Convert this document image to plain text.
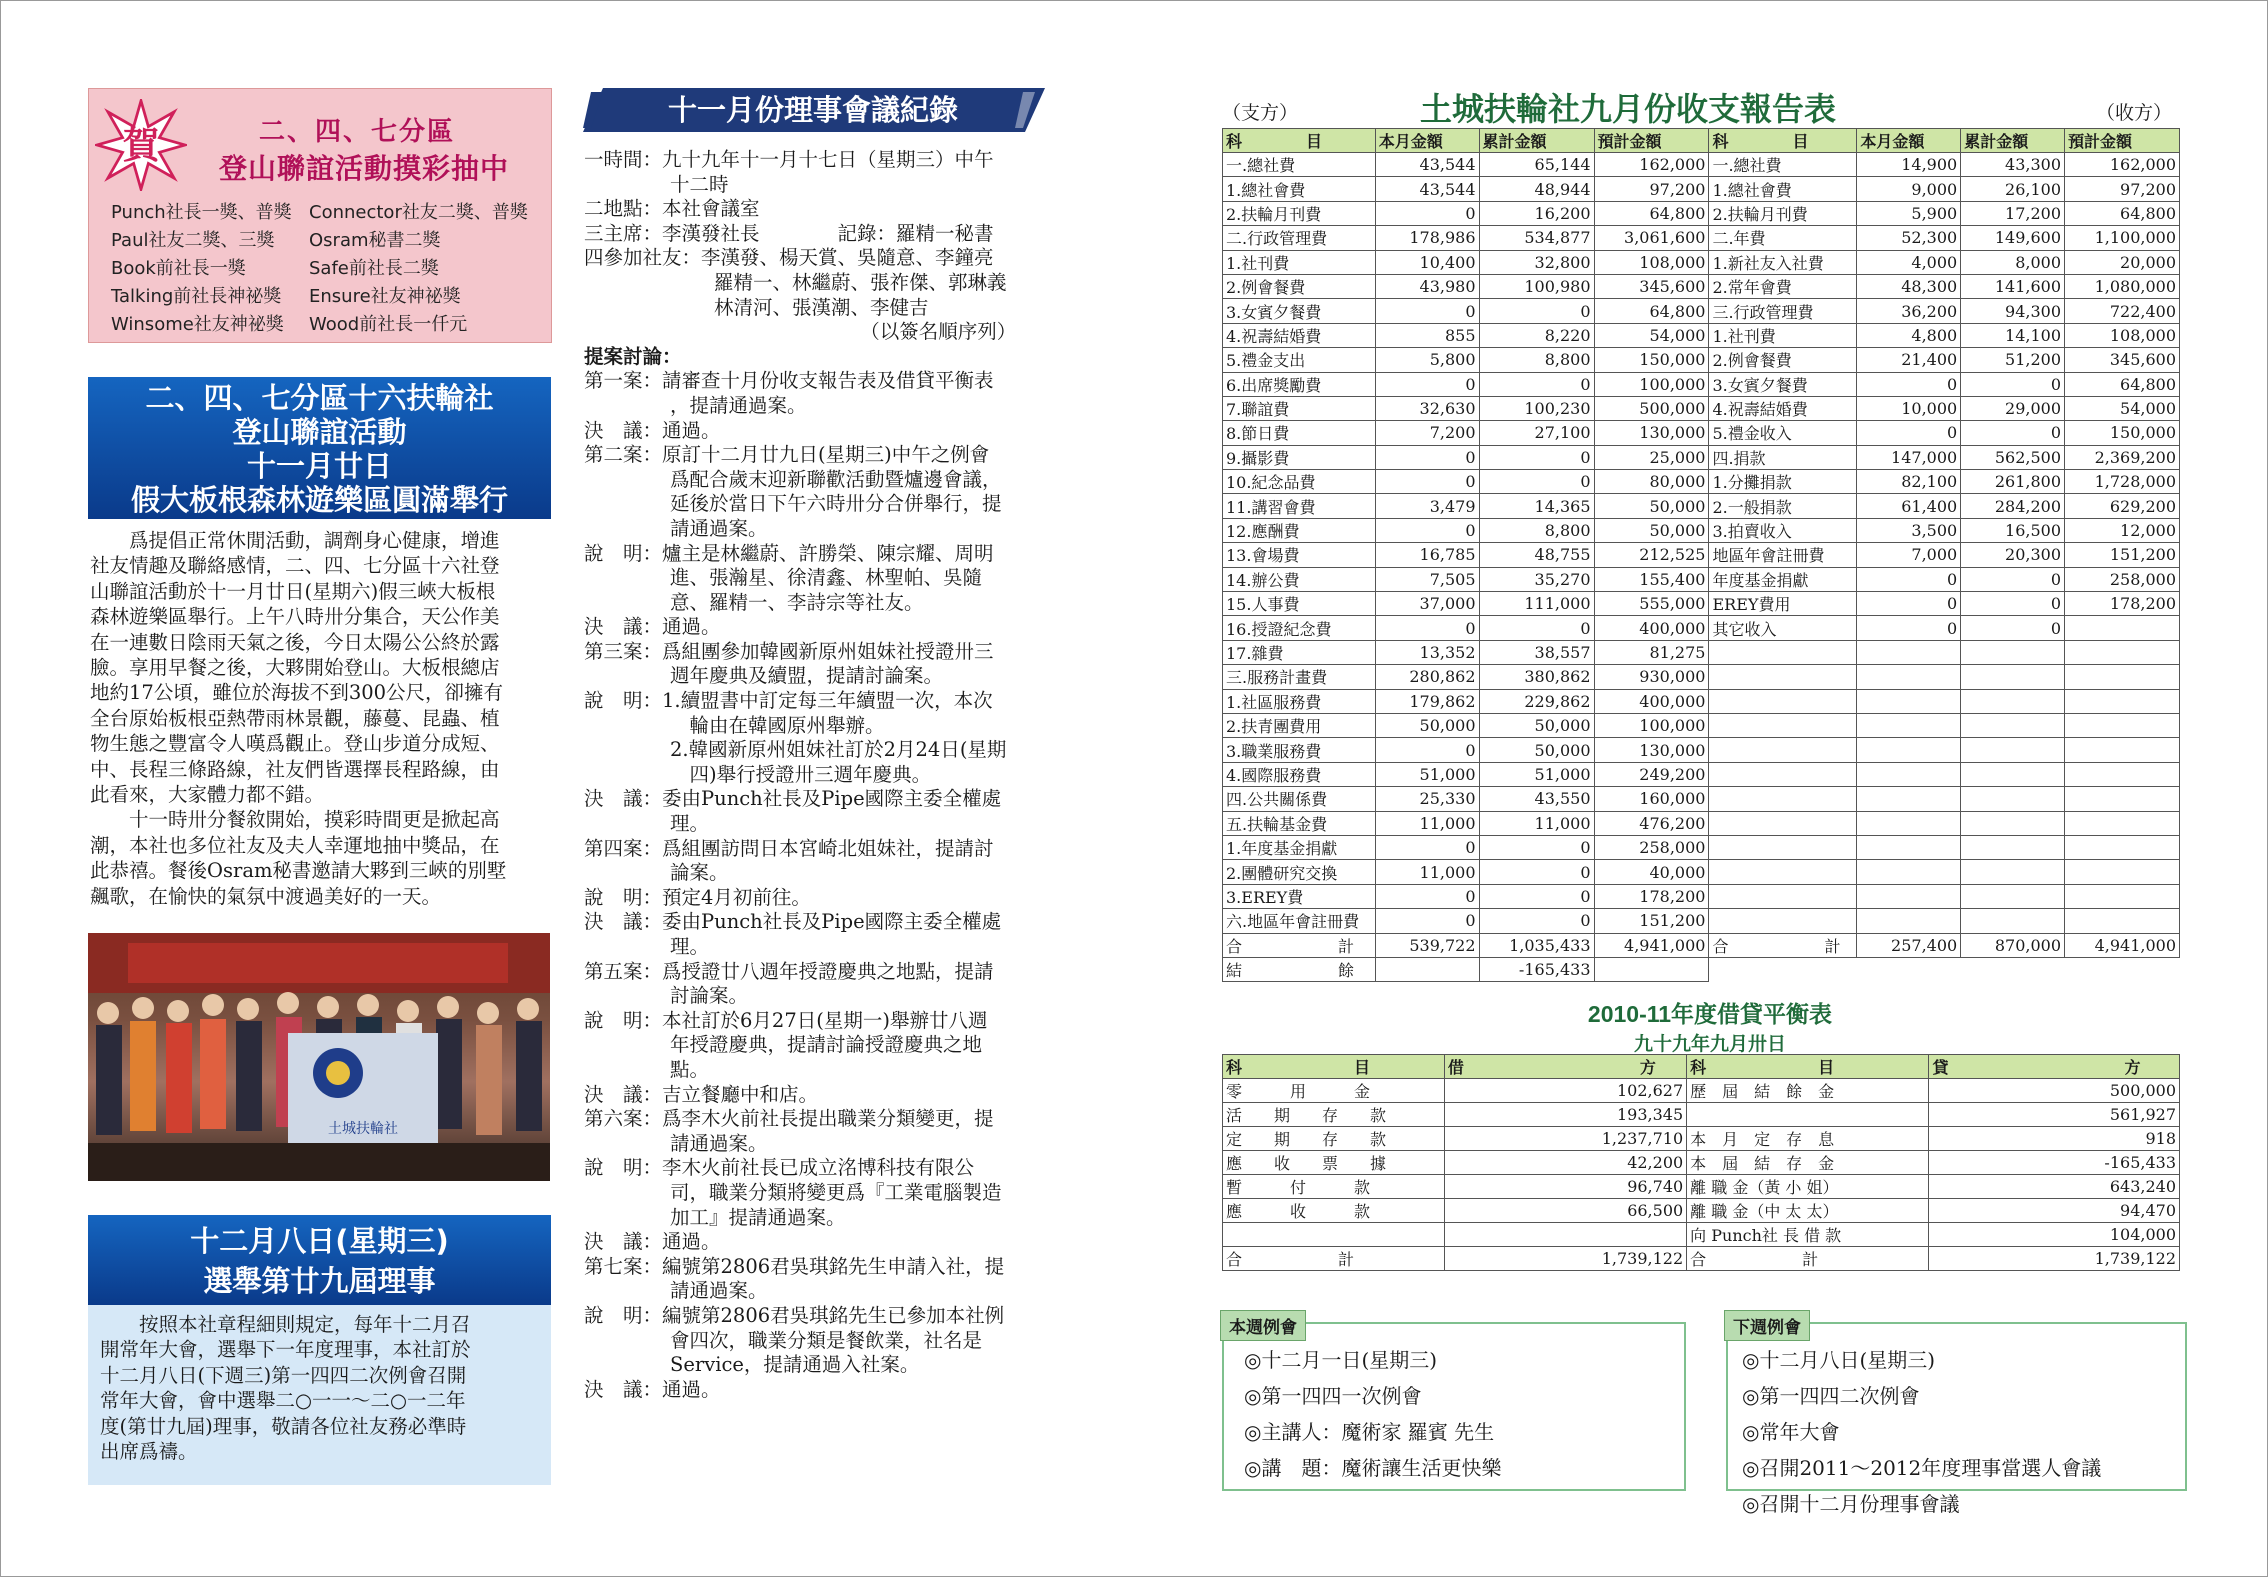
賀	二、四、七分區
登山聯誼活動摸彩抽中
Punch社長一獎、普獎
Paul社友二獎、三獎
Book前社長一獎
Talking前社長神祕獎
Winsome社友神祕獎
Connector社友二獎、普獎
Osram秘書二獎
Safe前社長二獎
Ensure社友神祕獎
Wood前社長一仟元
二、四、七分區十六扶輪社
登山聯誼活動
十一月廿日
假大板根森林遊樂區圓滿舉行
爲提倡正常休閒活動，調劑身心健康，增進
社友情趣及聯絡感情，二、四、七分區十六社登
山聯誼活動於十一月廿日(星期六)假三峽大板根
森林遊樂區舉行。上午八時卅分集合，天公作美
在一連數日陰雨天氣之後，今日太陽公公終於露
臉。享用早餐之後，大夥開始登山。大板根總店
地約17公頃，雖位於海拔不到300公尺，卻擁有
全台原始板根亞熱帶雨林景觀，藤蔓、昆蟲、植
物生態之豐富令人嘆爲觀止。登山步道分成短、
中、長程三條路線，社友們皆選擇長程路線，由
此看來，大家體力都不錯。
十一時卅分餐敘開始，摸彩時間更是掀起高
潮，本社也多位社友及夫人幸運地抽中獎品，在
此恭禧。餐後Osram秘書邀請大夥到三峽的別墅
飆歌，在愉快的氣氛中渡過美好的一天。
土城扶輪社
十二月八日(星期三)
選舉第廿九屆理事
按照本社章程細則規定，每年十二月召
開常年大會，選舉下一年度理事，本社訂於
十二月八日(下週三)第一四四二次例會召開
常年大會，會中選舉二○一一～二○一二年
度(第廿九屆)理事，敬請各位社友務必準時
出席爲禱。
十一月份理事會議紀錄
一時間： 九十九年十一月十七日（星期三）中午
十二時
二地點： 本社會議室
三主席： 李漢發社長　　　　記錄：羅精一秘書
四參加社友： 李漢發、楊天賞、吳隨意、李鐘亮
羅精一、林繼蔚、張祚傑、郭琳義
林清河、張漢潮、李健吉
　　　　　　　　（以簽名順序列）
提案討論：
第一案： 請審查十月份收支報告表及借貸平衡表
，提請通過案。
決　議： 通過。
第二案： 原訂十二月廿九日(星期三)中午之例會
爲配合歲末迎新聯歡活動暨爐邊會議，
延後於當日下午六時卅分合併舉行，提
請通過案。
說　明： 爐主是林繼蔚、許勝榮、陳宗耀、周明
進、張瀚星、徐清鑫、林聖帕、吳隨
意、羅精一、李詩宗等社友。
決　議： 通過。
第三案： 爲組團參加韓國新原州姐妹社授證卅三
週年慶典及續盟，提請討論案。
說　明： 1.續盟書中訂定每三年續盟一次，本次
　輪由在韓國原州舉辦。
2.韓國新原州姐妹社訂於2月24日(星期
　四)舉行授證卅三週年慶典。
決　議： 委由Punch社長及Pipe國際主委全權處
理。
第四案： 爲組團訪問日本宮崎北姐妹社，提請討
論案。
說　明： 預定4月初前往。
決　議： 委由Punch社長及Pipe國際主委全權處
理。
第五案： 爲授證廿八週年授證慶典之地點，提請
討論案。
說　明： 本社訂於6月27日(星期一)舉辦廿八週
年授證慶典，提請討論授證慶典之地
點。
決　議： 吉立餐廳中和店。
第六案： 爲李木火前社長提出職業分類變更，提
請通過案。
說　明： 李木火前社長已成立洺博科技有限公
司，職業分類將變更爲『工業電腦製造
加工』提請通過案。
決　議： 通過。
第七案： 編號第2806君吳琪銘先生申請入社，提
請通過案。
說　明： 編號第2806君吳琪銘先生已參加本社例
會四次，職業分類是餐飲業，社名是
Service，提請通過入社案。
決　議： 通過。
（支方）	土城扶輪社九月份收支報告表	（收方）
科　　　　目	本月金額	累計金額	預計金額	科　　　　目	本月金額	累計金額	預計金額
一.總社費	43,544	65,144	162,000	一.總社費	14,900	43,300	162,000
1.總社會費	43,544	48,944	97,200	1.總社會費	9,000	26,100	97,200
2.扶輪月刊費	0	16,200	64,800	2.扶輪月刊費	5,900	17,200	64,800
二.行政管理費	178,986	534,877	3,061,600	二.年費	52,300	149,600	1,100,000
1.社刊費	10,400	32,800	108,000	1.新社友入社費	4,000	8,000	20,000
2.例會餐費	43,980	100,980	345,600	2.常年會費	48,300	141,600	1,080,000
3.女賓夕餐費	0	0	64,800	三.行政管理費	36,200	94,300	722,400
4.祝壽結婚費	855	8,220	54,000	1.社刊費	4,800	14,100	108,000
5.禮金支出	5,800	8,800	150,000	2.例會餐費	21,400	51,200	345,600
6.出席獎勵費	0	0	100,000	3.女賓夕餐費	0	0	64,800
7.聯誼費	32,630	100,230	500,000	4.祝壽結婚費	10,000	29,000	54,000
8.節日費	7,200	27,100	130,000	5.禮金收入	0	0	150,000
9.攝影費	0	0	25,000	四.捐款	147,000	562,500	2,369,200
10.紀念品費	0	0	80,000	1.分攤捐款	82,100	261,800	1,728,000
11.講習會費	3,479	14,365	50,000	2.一般捐款	61,400	284,200	629,200
12.應酬費	0	8,800	50,000	3.拍賣收入	3,500	16,500	12,000
13.會場費	16,785	48,755	212,525	地區年會註冊費	7,000	20,300	151,200
14.辦公費	7,505	35,270	155,400	年度基金捐獻	0	0	258,000
15.人事費	37,000	111,000	555,000	EREY費用	0	0	178,200
16.授證紀念費	0	0	400,000	其它收入	0	0	
17.雜費	13,352	38,557	81,275				
三.服務計畫費	280,862	380,862	930,000				
1.社區服務費	179,862	229,862	400,000				
2.扶青團費用	50,000	50,000	100,000				
3.職業服務費	0	50,000	130,000				
4.國際服務費	51,000	51,000	249,200				
四.公共關係費	25,330	43,550	160,000				
五.扶輪基金費	11,000	11,000	476,200				
1.年度基金捐獻	0	0	258,000				
2.團體研究交換	11,000	0	40,000				
3.EREY費	0	0	178,200				
六.地區年會註冊費	0	0	151,200				
合　　　　　　計	539,722	1,035,433	4,941,000	合　　　　　　計	257,400	870,000	4,941,000
結　　　　　　餘		-165,433					
2010-11年度借貸平衡表
九十九年九月卅日
科　　　　　　　目	借　　　　　　　　　　　方	科　　　　　　　目	貸　　　　　　　　　　　方
零　　　用　　　金	102,627	歷　屆　結　餘　金	500,000
活　　期　　存　　款	193,345		561,927
定　　期　　存　　款	1,237,710	本　月　定　存　息	918
應　　收　　票　　據	42,200	本　屆　結　存　金	-165,433
暫　　　付　　　款	96,740	離 職 金（黃 小 姐）	643,240
應　　　收　　　款	66,500	離 職 金（中 太 太）	94,470
		向 Punch社 長 借 款	104,000
合　　　　　　計	1,739,122	合　　　　　　計	1,739,122
本週例會
◎十二月一日(星期三)
◎第一四四一次例會
◎主講人：魔術家 羅賓 先生
◎講　題：魔術讓生活更快樂
下週例會
◎十二月八日(星期三)
◎第一四四二次例會
◎常年大會
◎召開2011～2012年度理事當選人會議
◎召開十二月份理事會議
